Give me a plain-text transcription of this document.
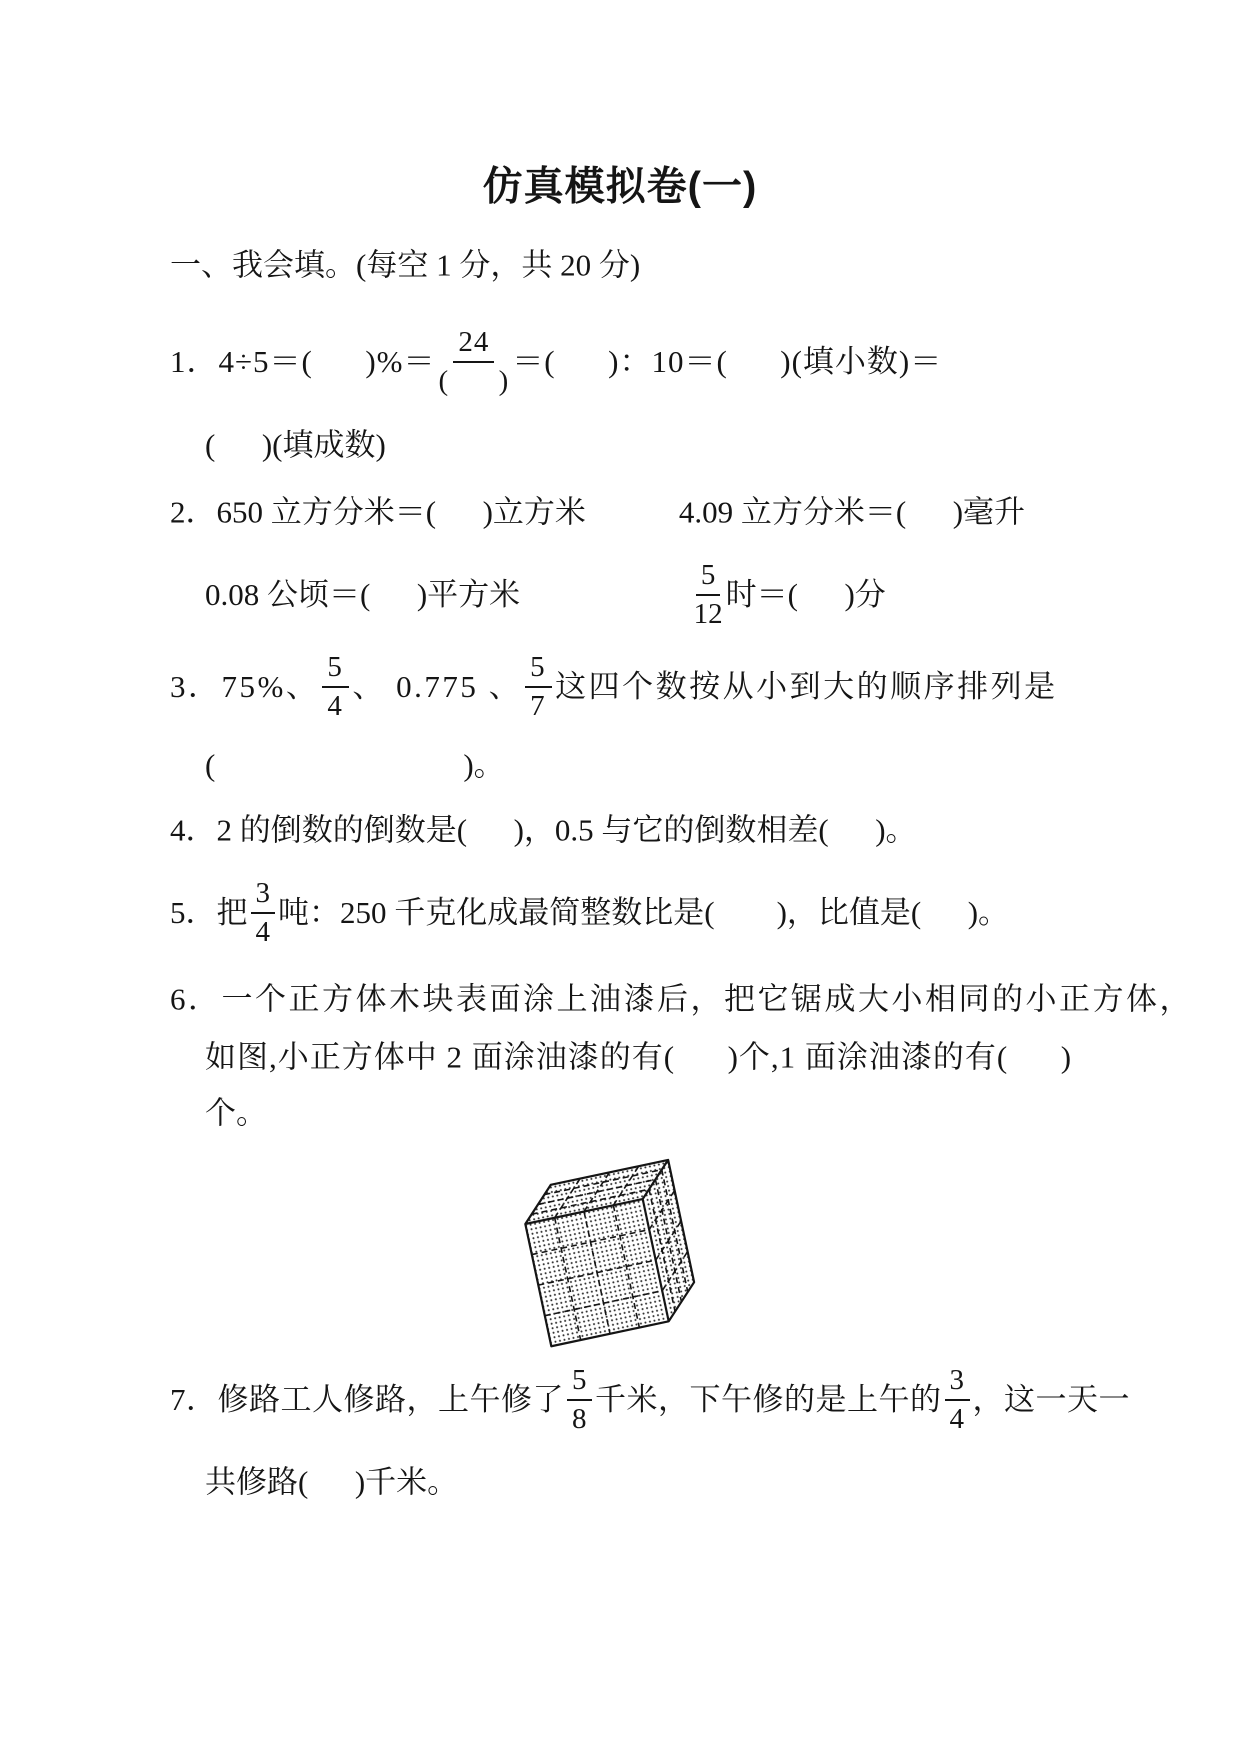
仿真模拟卷(一)
一、我会填。(每空 1 分，共 20 分)
1．4÷5＝(      )%＝ $\frac{24}{( )}$ ＝(      )：10＝(      )(填小数)＝
(      )(填成数)
2．650 立方分米＝(      )立方米            4.09 立方分米＝(      )毫升
0.08 公顷＝(      )平方米 $\frac{5}{12}$ 时＝(      )分
3．75%、 $\frac{5}{4}$ 、 0.775 、 $\frac{5}{7}$ 这四个数按从小到大的顺序排列是
(                                )。
4．2 的倒数的倒数是(      )，0.5 与它的倒数相差(      )。
5．把 $\frac{3}{4}$ 吨：250 千克化成最简整数比是(        )，比值是(      )。
6．一个正方体木块表面涂上油漆后，把它锯成大小相同的小正方体，
如图,小正方体中 2 面涂油漆的有(      )个,1 面涂油漆的有(      )
个。
7．修路工人修路，上午修了 $\frac{5}{8}$ 千米，下午修的是上午的 $\frac{3}{4}$ ，这一天一
共修路(      )千米。
